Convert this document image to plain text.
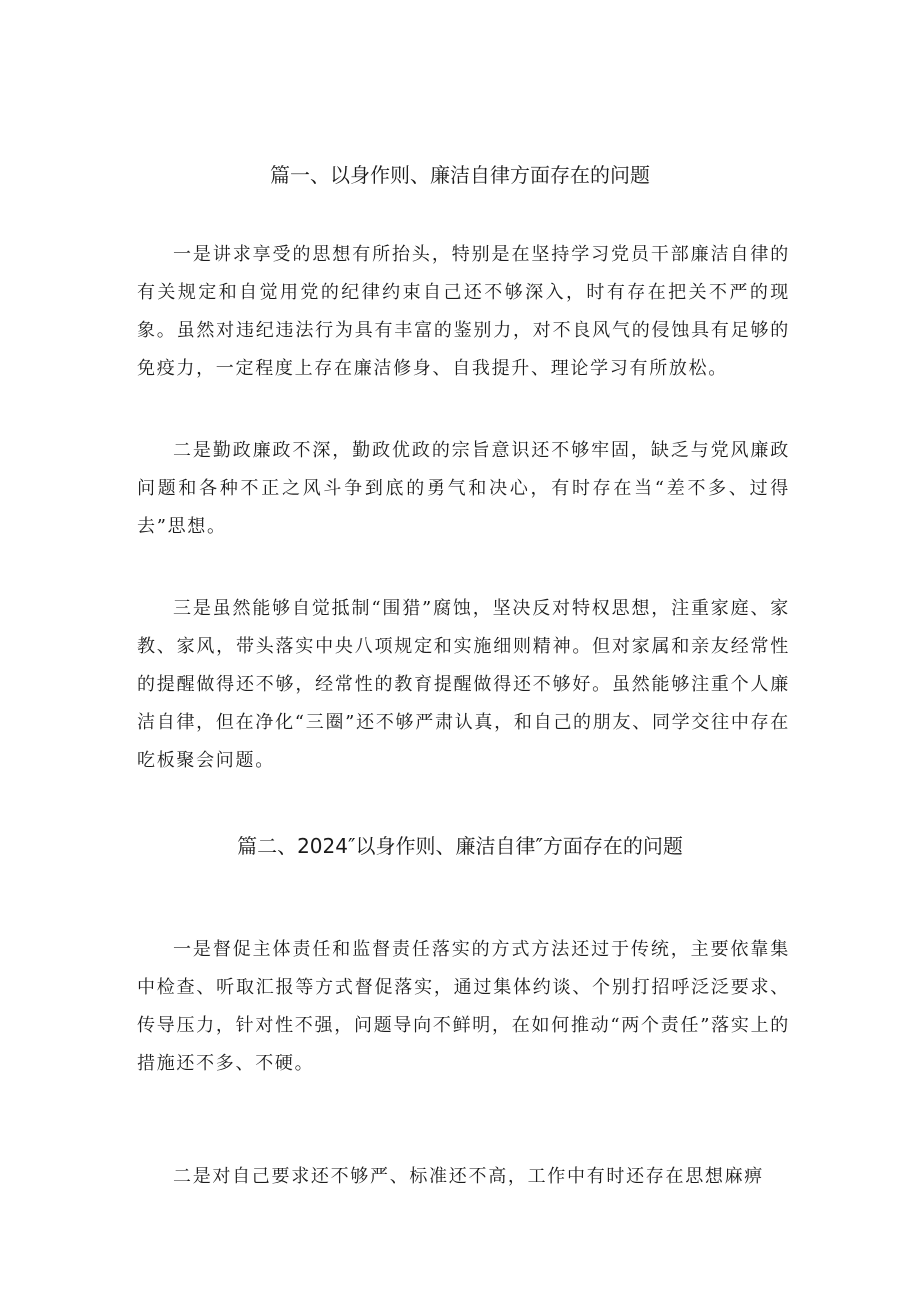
篇一、以身作则、廉洁自律方面存在的问题

一是讲求享受的思想有所抬头，特别是在坚持学习党员干部廉洁自律的有关规定和自觉用党的纪律约束自己还不够深入，时有存在把关不严的现象。虽然对违纪违法行为具有丰富的鉴别力，对不良风气的侵蚀具有足够的免疫力，一定程度上存在廉洁修身、自我提升、理论学习有所放松。

二是勤政廉政不深，勤政优政的宗旨意识还不够牢固，缺乏与党风廉政问题和各种不正之风斗争到底的勇气和决心，有时存在当“差不多、过得去”思想。

三是虽然能够自觉抵制“围猎”腐蚀，坚决反对特权思想，注重家庭、家教、家风，带头落实中央八项规定和实施细则精神。但对家属和亲友经常性的提醒做得还不够，经常性的教育提醒做得还不够好。虽然能够注重个人廉洁自律，但在净化“三圈”还不够严肃认真，和自己的朋友、同学交往中存在吃板聚会问题。

篇二、2024″以身作则、廉洁自律″方面存在的问题

一是督促主体责任和监督责任落实的方式方法还过于传统，主要依靠集中检查、听取汇报等方式督促落实，通过集体约谈、个别打招呼泛泛要求、传导压力，针对性不强，问题导向不鲜明，在如何推动“两个责任”落实上的措施还不多、不硬。

二是对自己要求还不够严、标准还不高，工作中有时还存在思想麻痹
